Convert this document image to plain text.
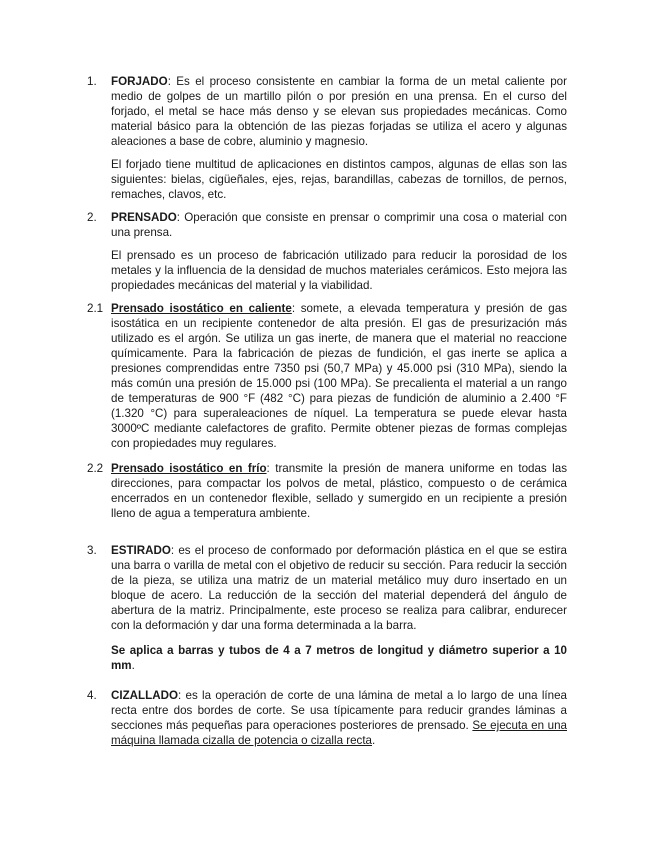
1.	FORJADO: Es el proceso consistente en cambiar la forma de un metal caliente por medio de golpes de un martillo pilón o por presión en una prensa. En el curso del forjado, el metal se hace más denso y se elevan sus propiedades mecánicas. Como material básico para la obtención de las piezas forjadas se utiliza el acero y algunas aleaciones a base de cobre, aluminio y magnesio.
El forjado tiene multitud de aplicaciones en distintos campos, algunas de ellas son las siguientes: bielas, cigüeñales, ejes, rejas, barandillas, cabezas de tornillos, de pernos, remaches, clavos, etc.
2.	PRENSADO: Operación que consiste en prensar o comprimir una cosa o material con una prensa.
El prensado es un proceso de fabricación utilizado para reducir la porosidad de los metales y la influencia de la densidad de muchos materiales cerámicos. Esto mejora las propiedades mecánicas del material y la viabilidad.
2.1 Prensado isostático en caliente: somete, a elevada temperatura y presión de gas isostática en un recipiente contenedor de alta presión. El gas de presurización más utilizado es el argón. Se utiliza un gas inerte, de manera que el material no reaccione químicamente. Para la fabricación de piezas de fundición, el gas inerte se aplica a presiones comprendidas entre 7350 psi (50,7 MPa) y 45.000 psi (310 MPa), siendo la más común una presión de 15.000 psi (100 MPa). Se precalienta el material a un rango de temperaturas de 900 °F (482 °C) para piezas de fundición de aluminio a 2.400 °F (1.320 °C) para superaleaciones de níquel. La temperatura se puede elevar hasta 3000ºC mediante calefactores de grafito. Permite obtener piezas de formas complejas con propiedades muy regulares.
2.2 Prensado isostático en frío: transmite la presión de manera uniforme en todas las direcciones, para compactar los polvos de metal, plástico, compuesto o de cerámica encerrados en un contenedor flexible, sellado y sumergido en un recipiente a presión lleno de agua a temperatura ambiente.
3.	ESTIRADO: es el proceso de conformado por deformación plástica en el que se estira una barra o varilla de metal con el objetivo de reducir su sección. Para reducir la sección de la pieza, se utiliza una matriz de un material metálico muy duro insertado en un bloque de acero. La reducción de la sección del material dependerá del ángulo de abertura de la matriz. Principalmente, este proceso se realiza para calibrar, endurecer con la deformación y dar una forma determinada a la barra.
Se aplica a barras y tubos de 4 a 7 metros de longitud y diámetro superior a 10 mm.
4.	CIZALLADO: es la operación de corte de una lámina de metal a lo largo de una línea recta entre dos bordes de corte. Se usa típicamente para reducir grandes láminas a secciones más pequeñas para operaciones posteriores de prensado. Se ejecuta en una máquina llamada cizalla de potencia o cizalla recta.
